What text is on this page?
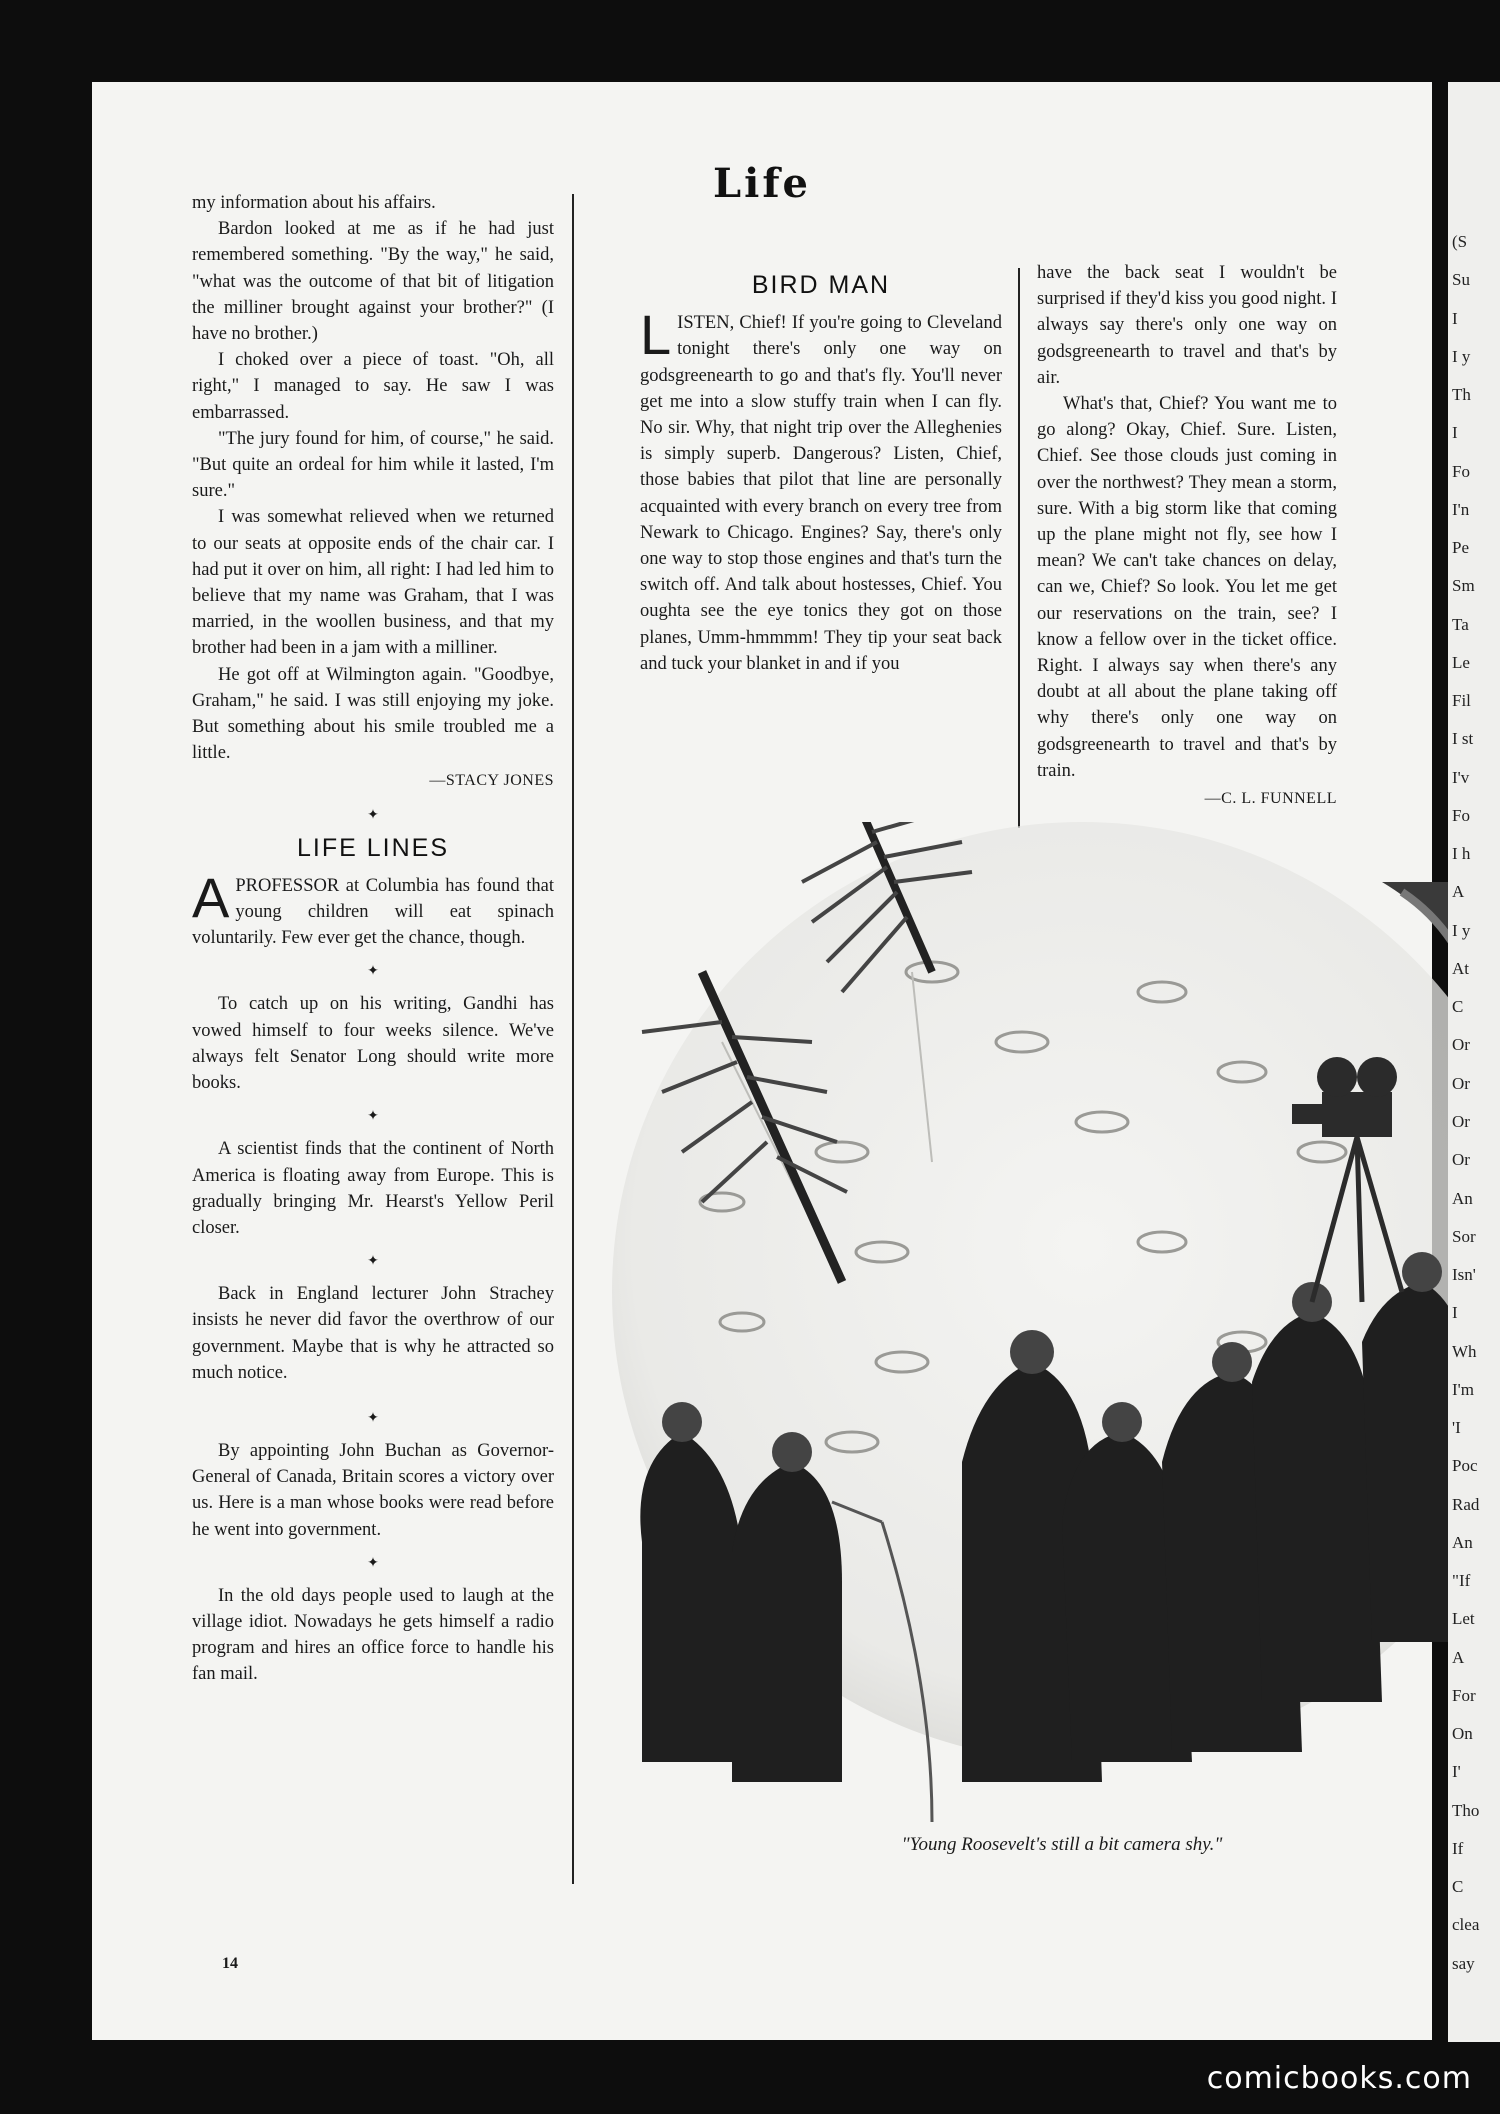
Life

my information about his affairs.

Bardon looked at me as if he had just remembered something. "By the way," he said, "what was the outcome of that bit of litigation the milliner brought against your brother?" (I have no brother.)

I choked over a piece of toast. "Oh, all right," I managed to say. He saw I was embarrassed.

"The jury found for him, of course," he said. "But quite an ordeal for him while it lasted, I'm sure."

I was somewhat relieved when we returned to our seats at opposite ends of the chair car. I had put it over on him, all right: I had led him to believe that my name was Graham, that I was married, in the woollen business, and that my brother had been in a jam with a milliner.

He got off at Wilmington again. "Goodbye, Graham," he said. I was still enjoying my joke. But something about his smile troubled me a little.

—STACY JONES
✦
LIFE LINES

APROFESSOR at Columbia has found that young children will eat spinach voluntarily. Few ever get the chance, though.

✦

To catch up on his writing, Gandhi has vowed himself to four weeks silence. We've always felt Senator Long should write more books.

✦

A scientist finds that the continent of North America is floating away from Europe. This is gradually bringing Mr. Hearst's Yellow Peril closer.

✦

Back in England lecturer John Strachey insists he never did favor the overthrow of our government. Maybe that is why he attracted so much notice.

✦

By appointing John Buchan as Governor-General of Canada, Britain scores a victory over us. Here is a man whose books were read before he went into government.

✦

In the old days people used to laugh at the village idiot. Nowadays he gets himself a radio program and hires an office force to handle his fan mail.

BIRD MAN

LISTEN, Chief! If you're going to Cleveland tonight there's only one way on godsgreenearth to go and that's fly. You'll never get me into a slow stuffy train when I can fly. No sir. Why, that night trip over the Alleghenies is simply superb. Dangerous? Listen, Chief, those babies that pilot that line are personally acquainted with every branch on every tree from Newark to Chicago. Engines? Say, there's only one way to stop those engines and that's turn the switch off. And talk about hostesses, Chief. You oughta see the eye tonics they got on those planes, Umm-hmmmm! They tip your seat back and tuck your blanket in and if you

have the back seat I wouldn't be surprised if they'd kiss you good night. I always say there's only one way on godsgreenearth to travel and that's by air.

What's that, Chief? You want me to go along? Okay, Chief. Sure. Listen, Chief. See those clouds just coming in over the northwest? They mean a storm, sure. With a big storm like that coming up the plane might not fly, see how I mean? We can't take chances on delay, can we, Chief? So look. You let me get our reservations on the train, see? I know a fellow over in the ticket office. Right. I always say when there's any doubt at all about the plane taking off why there's only one way on godsgreenearth to travel and that's by train.

—C. L. FUNNELL
"Young Roosevelt's still a bit camera shy."
14
(S
Su
I
I y
Th
I
Fo
I'n
Pe
Sm
Ta
Le
Fil
I st
I'v
Fo
I h
A
I y
At
C
Or
Or
Or
Or
An
Sor
Isn'
I
Wh
I'm
'I
Poc
Rad
An
"If
Let
A
For
On
I'
Tho
If
C
clea
say
comicbooks.com
